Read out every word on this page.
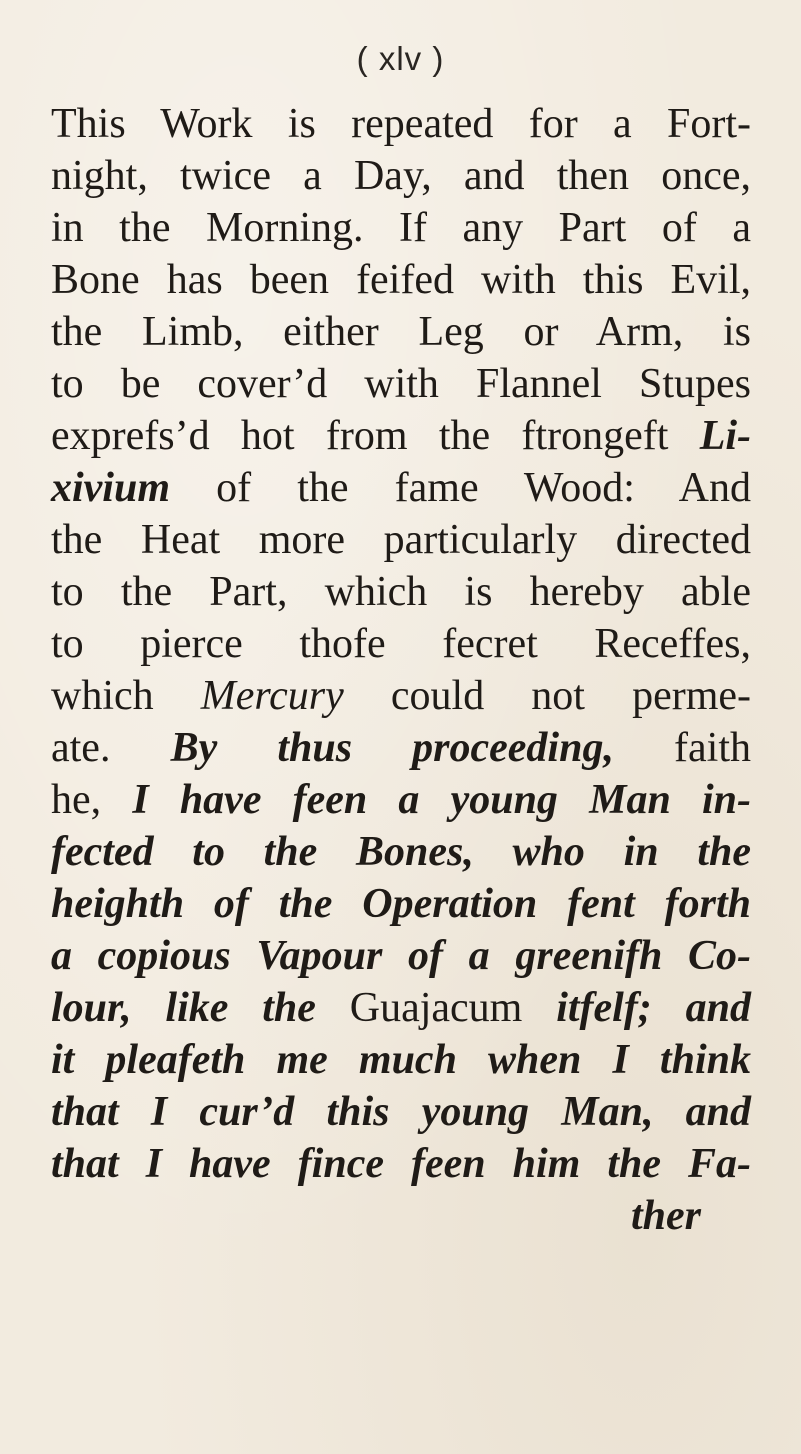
( xlv )
This Work is repeated for a Fort-
night, twice a Day, and then once,
in the Morning. If any Part of a
Bone has been feifed with this Evil,
the Limb, either Leg or Arm, is
to be cover’d with Flannel Stupes
exprefs’d hot from the ftrongeft Li-
xivium of the fame Wood: And
the Heat more particularly directed
to the Part, which is hereby able
to pierce thofe fecret Receffes,
which Mercury could not perme-
ate. By thus proceeding, faith
he, I have feen a young Man in-
fected to the Bones, who in the
heighth of the Operation fent forth
a copious Vapour of a greenifh Co-
lour, like the Guajacum itfelf; and
it pleafeth me much when I think
that I cur’d this young Man, and
that I have fince feen him the Fa-
ther
